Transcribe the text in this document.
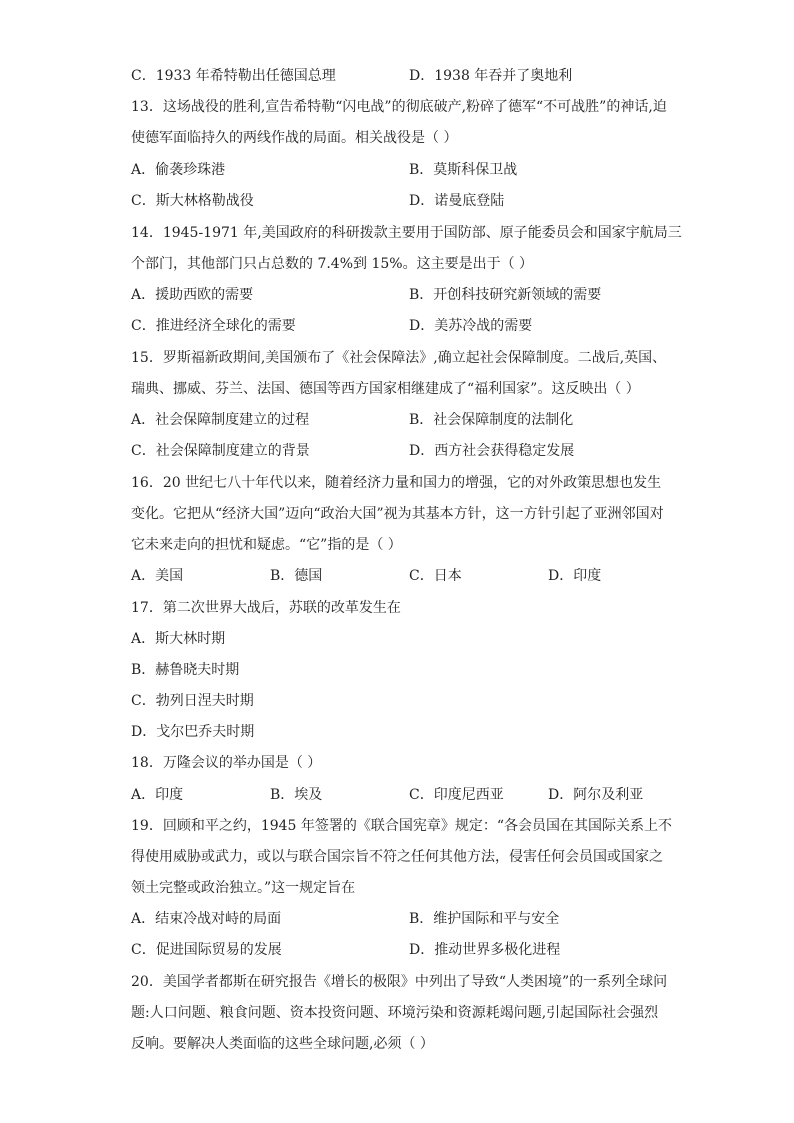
C．1933 年希特勒出任德国总理	D．1938 年吞并了奥地利
13．这场战役的胜利,宣告希特勒“闪电战”的彻底破产,粉碎了德军“不可战胜”的神话,迫
使德军面临持久的两线作战的局面。相关战役是（ ）
A．偷袭珍珠港	B．莫斯科保卫战
C．斯大林格勒战役	D．诺曼底登陆
14．1945-1971 年,美国政府的科研拨款主要用于国防部、原子能委员会和国家宇航局三
个部门，其他部门只占总数的 7.4%到 15%。这主要是出于（ ）
A．援助西欧的需要	B．开创科技研究新领域的需要
C．推进经济全球化的需要	D．美苏冷战的需要
15．罗斯福新政期间,美国颁布了《社会保障法》,确立起社会保障制度。二战后,英国、
瑞典、挪威、芬兰、法国、德国等西方国家相继建成了“福利国家”。这反映出（ ）
A．社会保障制度建立的过程	B．社会保障制度的法制化
C．社会保障制度建立的背景	D．西方社会获得稳定发展
16．20 世纪七八十年代以来，随着经济力量和国力的增强，它的对外政策思想也发生
变化。它把从“经济大国”迈向“政治大国”视为其基本方针，这一方针引起了亚洲邻国对
它未来走向的担忧和疑虑。“它”指的是（ ）
A．美国	B．德国	C．日本	D．印度
17．第二次世界大战后，苏联的改革发生在
A．斯大林时期
B．赫鲁晓夫时期
C．勃列日涅夫时期
D．戈尔巴乔夫时期
18．万隆会议的举办国是（ ）
A．印度	B．埃及	C．印度尼西亚	D．阿尔及利亚
19．回顾和平之约，1945 年签署的《联合国宪章》规定：“各会员国在其国际关系上不
得使用威胁或武力，或以与联合国宗旨不符之任何其他方法，侵害任何会员国或国家之
领土完整或政治独立。”这一规定旨在
A．结束冷战对峙的局面	B．维护国际和平与安全
C．促进国际贸易的发展	D．推动世界多极化进程
20．美国学者都斯在研究报告《增长的极限》中列出了导致“人类困境”的一系列全球问
题:人口问题、粮食问题、资本投资问题、环境污染和资源耗竭问题,引起国际社会强烈
反响。要解决人类面临的这些全球问题,必须（ ）
